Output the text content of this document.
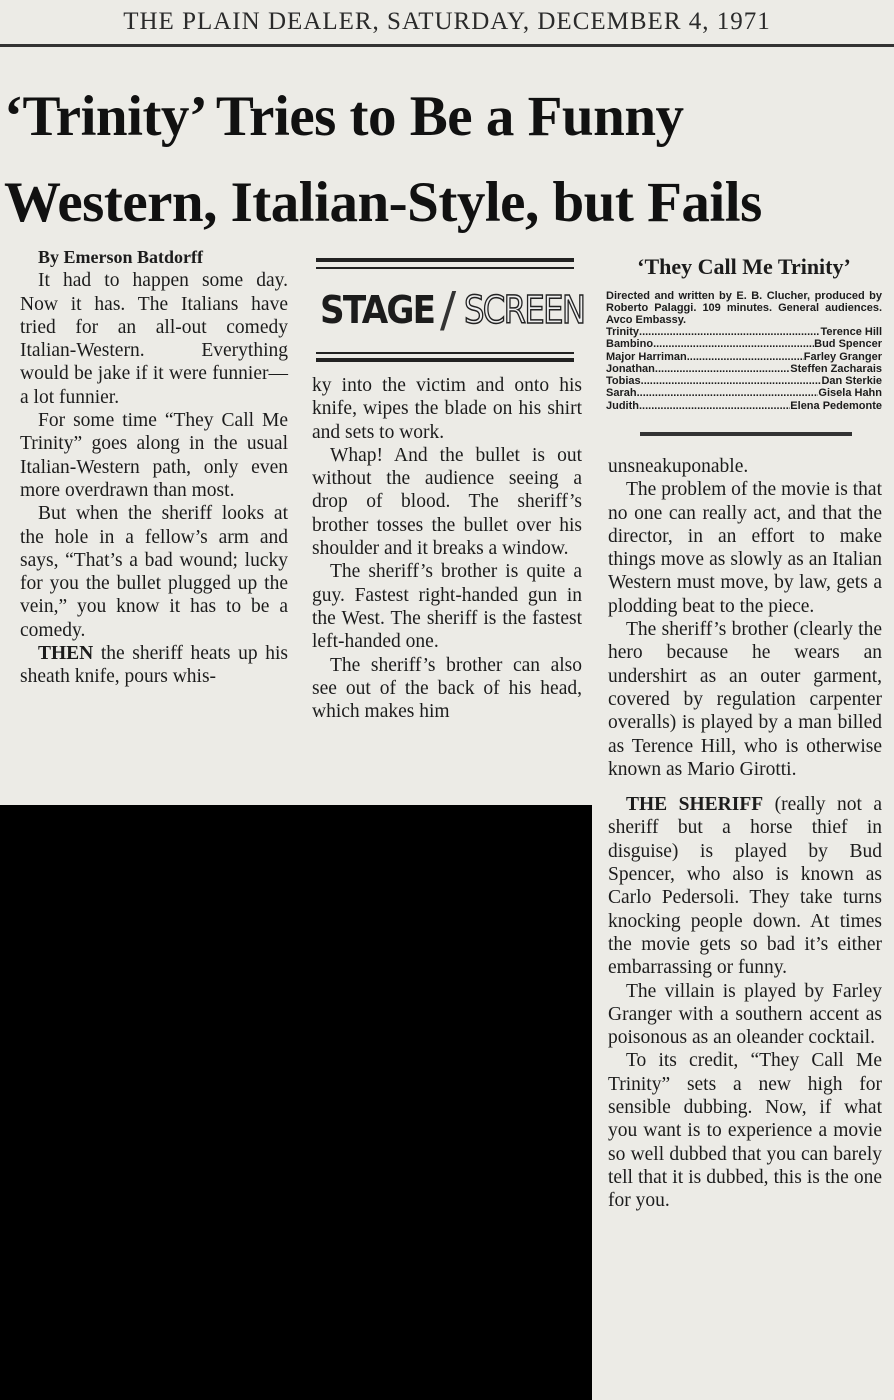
THE PLAIN DEALER, SATURDAY, DECEMBER 4, 1971
‘Trinity’ Tries to Be a Funny
Western, Italian-Style, but Fails

By Emerson Batdorff

It had to happen some day. Now it has. The Italians have tried for an all-out comedy Italian-Western. Everything would be jake if it were funnier—a lot funnier.

For some time “They Call Me Trinity” goes along in the usual Italian-Western path, only even more overdrawn than most.

But when the sheriff looks at the hole in a fellow’s arm and says, “That’s a bad wound; lucky for you the bullet plugged up the vein,” you know it has to be a comedy.

THEN the sheriff heats up his sheath knife, pours whis-

STAGE / SCREEN

ky into the victim and onto his knife, wipes the blade on his shirt and sets to work.

Whap! And the bullet is out without the audience seeing a drop of blood. The sheriff’s brother tosses the bullet over his shoulder and it breaks a window.

The sheriff’s brother is quite a guy. Fastest right-handed gun in the West. The sheriff is the fastest left-handed one.

The sheriff’s brother can also see out of the back of his head, which makes him

‘They Call Me Trinity’

Directed and written by E. B. Clucher, produced by Roberto Palaggi. 109 minutes. General audiences. Avco Embassy.

Trinity .....	Terence Hill
Bambino .....	Bud Spencer
Major Harriman .....	Farley Granger
Jonathan .....	Steffen Zacharais
Tobias .....	Dan Sterkie
Sarah .....	Gisela Hahn
Judith .....	Elena Pedemonte

unsneakuponable.

The problem of the movie is that no one can really act, and that the director, in an effort to make things move as slowly as an Italian Western must move, by law, gets a plodding beat to the piece.

The sheriff’s brother (clearly the hero because he wears an undershirt as an outer garment, covered by regulation carpenter overalls) is played by a man billed as Terence Hill, who is otherwise known as Mario Girotti.

THE SHERIFF (really not a sheriff but a horse thief in disguise) is played by Bud Spencer, who also is known as Carlo Pedersoli. They take turns knocking people down. At times the movie gets so bad it’s either embarrassing or funny.

The villain is played by Farley Granger with a southern accent as poisonous as an oleander cocktail.

To its credit, “They Call Me Trinity” sets a new high for sensible dubbing. Now, if what you want is to experience a movie so well dubbed that you can barely tell that it is dubbed, this is the one for you.
